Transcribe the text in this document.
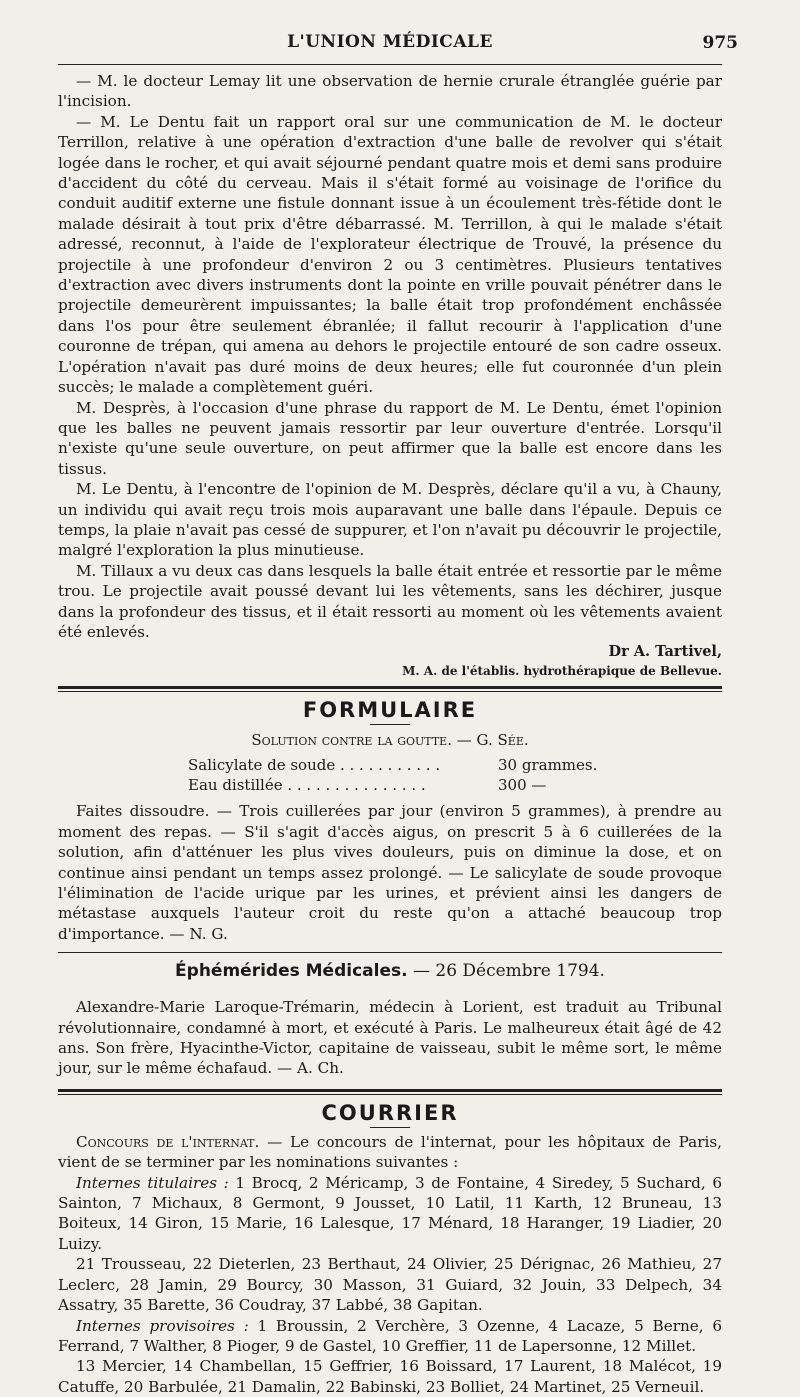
L'UNION MÉDICALE	975

— M. le docteur Lemay lit une observation de hernie crurale étranglée guérie par l'incision.

— M. Le Dentu fait un rapport oral sur une communication de M. le docteur Terrillon, relative à une opération d'extraction d'une balle de revolver qui s'était logée dans le rocher, et qui avait séjourné pendant quatre mois et demi sans produire d'accident du côté du cerveau. Mais il s'était formé au voisinage de l'orifice du conduit auditif externe une fistule donnant issue à un écoulement très-fétide dont le malade désirait à tout prix d'être débarrassé. M. Terrillon, à qui le malade s'était adressé, reconnut, à l'aide de l'explorateur électrique de Trouvé, la présence du projectile à une profondeur d'environ 2 ou 3 centimètres. Plusieurs tentatives d'extraction avec divers instruments dont la pointe en vrille pouvait pénétrer dans le projectile demeurèrent impuissantes; la balle était trop profondément enchâssée dans l'os pour être seulement ébranlée; il fallut recourir à l'application d'une couronne de trépan, qui amena au dehors le projectile entouré de son cadre osseux. L'opération n'avait pas duré moins de deux heures; elle fut couronnée d'un plein succès; le malade a complètement guéri.

M. Desprès, à l'occasion d'une phrase du rapport de M. Le Dentu, émet l'opinion que les balles ne peuvent jamais ressortir par leur ouverture d'entrée. Lorsqu'il n'existe qu'une seule ouverture, on peut affirmer que la balle est encore dans les tissus.

M. Le Dentu, à l'encontre de l'opinion de M. Desprès, déclare qu'il a vu, à Chauny, un individu qui avait reçu trois mois auparavant une balle dans l'épaule. Depuis ce temps, la plaie n'avait pas cessé de suppurer, et l'on n'avait pu découvrir le projectile, malgré l'exploration la plus minutieuse.

M. Tillaux a vu deux cas dans lesquels la balle était entrée et ressortie par le même trou. Le projectile avait poussé devant lui les vêtements, sans les déchirer, jusque dans la profondeur des tissus, et il était ressorti au moment où les vêtements avaient été enlevés.

Dr A. Tartivel,
M. A. de l'établis. hydrothérapique de Bellevue.
FORMULAIRE
Solution contre la goutte. — G. Sée.
Salicylate de soude . . . . . . . . . . .	30 grammes.
Eau distillée . . . . . . . . . . . . . . .	300 —

Faites dissoudre. — Trois cuillerées par jour (environ 5 grammes), à prendre au moment des repas. — S'il s'agit d'accès aigus, on prescrit 5 à 6 cuillerées de la solution, afin d'atténuer les plus vives douleurs, puis on diminue la dose, et on continue ainsi pendant un temps assez prolongé. — Le salicylate de soude provoque l'élimination de l'acide urique par les urines, et prévient ainsi les dangers de métastase auxquels l'auteur croit du reste qu'on a attaché beaucoup trop d'importance. — N. G.

Éphémérides Médicales. — 26 Décembre 1794.

Alexandre-Marie Laroque-Trémarin, médecin à Lorient, est traduit au Tribunal révolutionnaire, condamné à mort, et exécuté à Paris. Le malheureux était âgé de 42 ans. Son frère, Hyacinthe-Victor, capitaine de vaisseau, subit le même sort, le même jour, sur le même échafaud. — A. Ch.

COURRIER

Concours de l'internat. — Le concours de l'internat, pour les hôpitaux de Paris, vient de se terminer par les nominations suivantes :

Internes titulaires : 1 Brocq, 2 Méricamp, 3 de Fontaine, 4 Siredey, 5 Suchard, 6 Sainton, 7 Michaux, 8 Germont, 9 Jousset, 10 Latil, 11 Karth, 12 Bruneau, 13 Boiteux, 14 Giron, 15 Marie, 16 Lalesque, 17 Ménard, 18 Haranger, 19 Liadier, 20 Luizy.

21 Trousseau, 22 Dieterlen, 23 Berthaut, 24 Olivier, 25 Dérignac, 26 Mathieu, 27 Leclerc, 28 Jamin, 29 Bourcy, 30 Masson, 31 Guiard, 32 Jouin, 33 Delpech, 34 Assatry, 35 Barette, 36 Coudray, 37 Labbé, 38 Gapitan.

Internes provisoires : 1 Broussin, 2 Verchère, 3 Ozenne, 4 Lacaze, 5 Berne, 6 Ferrand, 7 Walther, 8 Pioger, 9 de Gastel, 10 Greffier, 11 de Lapersonne, 12 Millet.

13 Mercier, 14 Chambellan, 15 Geffrier, 16 Boissard, 17 Laurent, 18 Malécot, 19 Catuffe, 20 Barbulée, 21 Damalin, 22 Babinski, 23 Bolliet, 24 Martinet, 25 Verneuil.
